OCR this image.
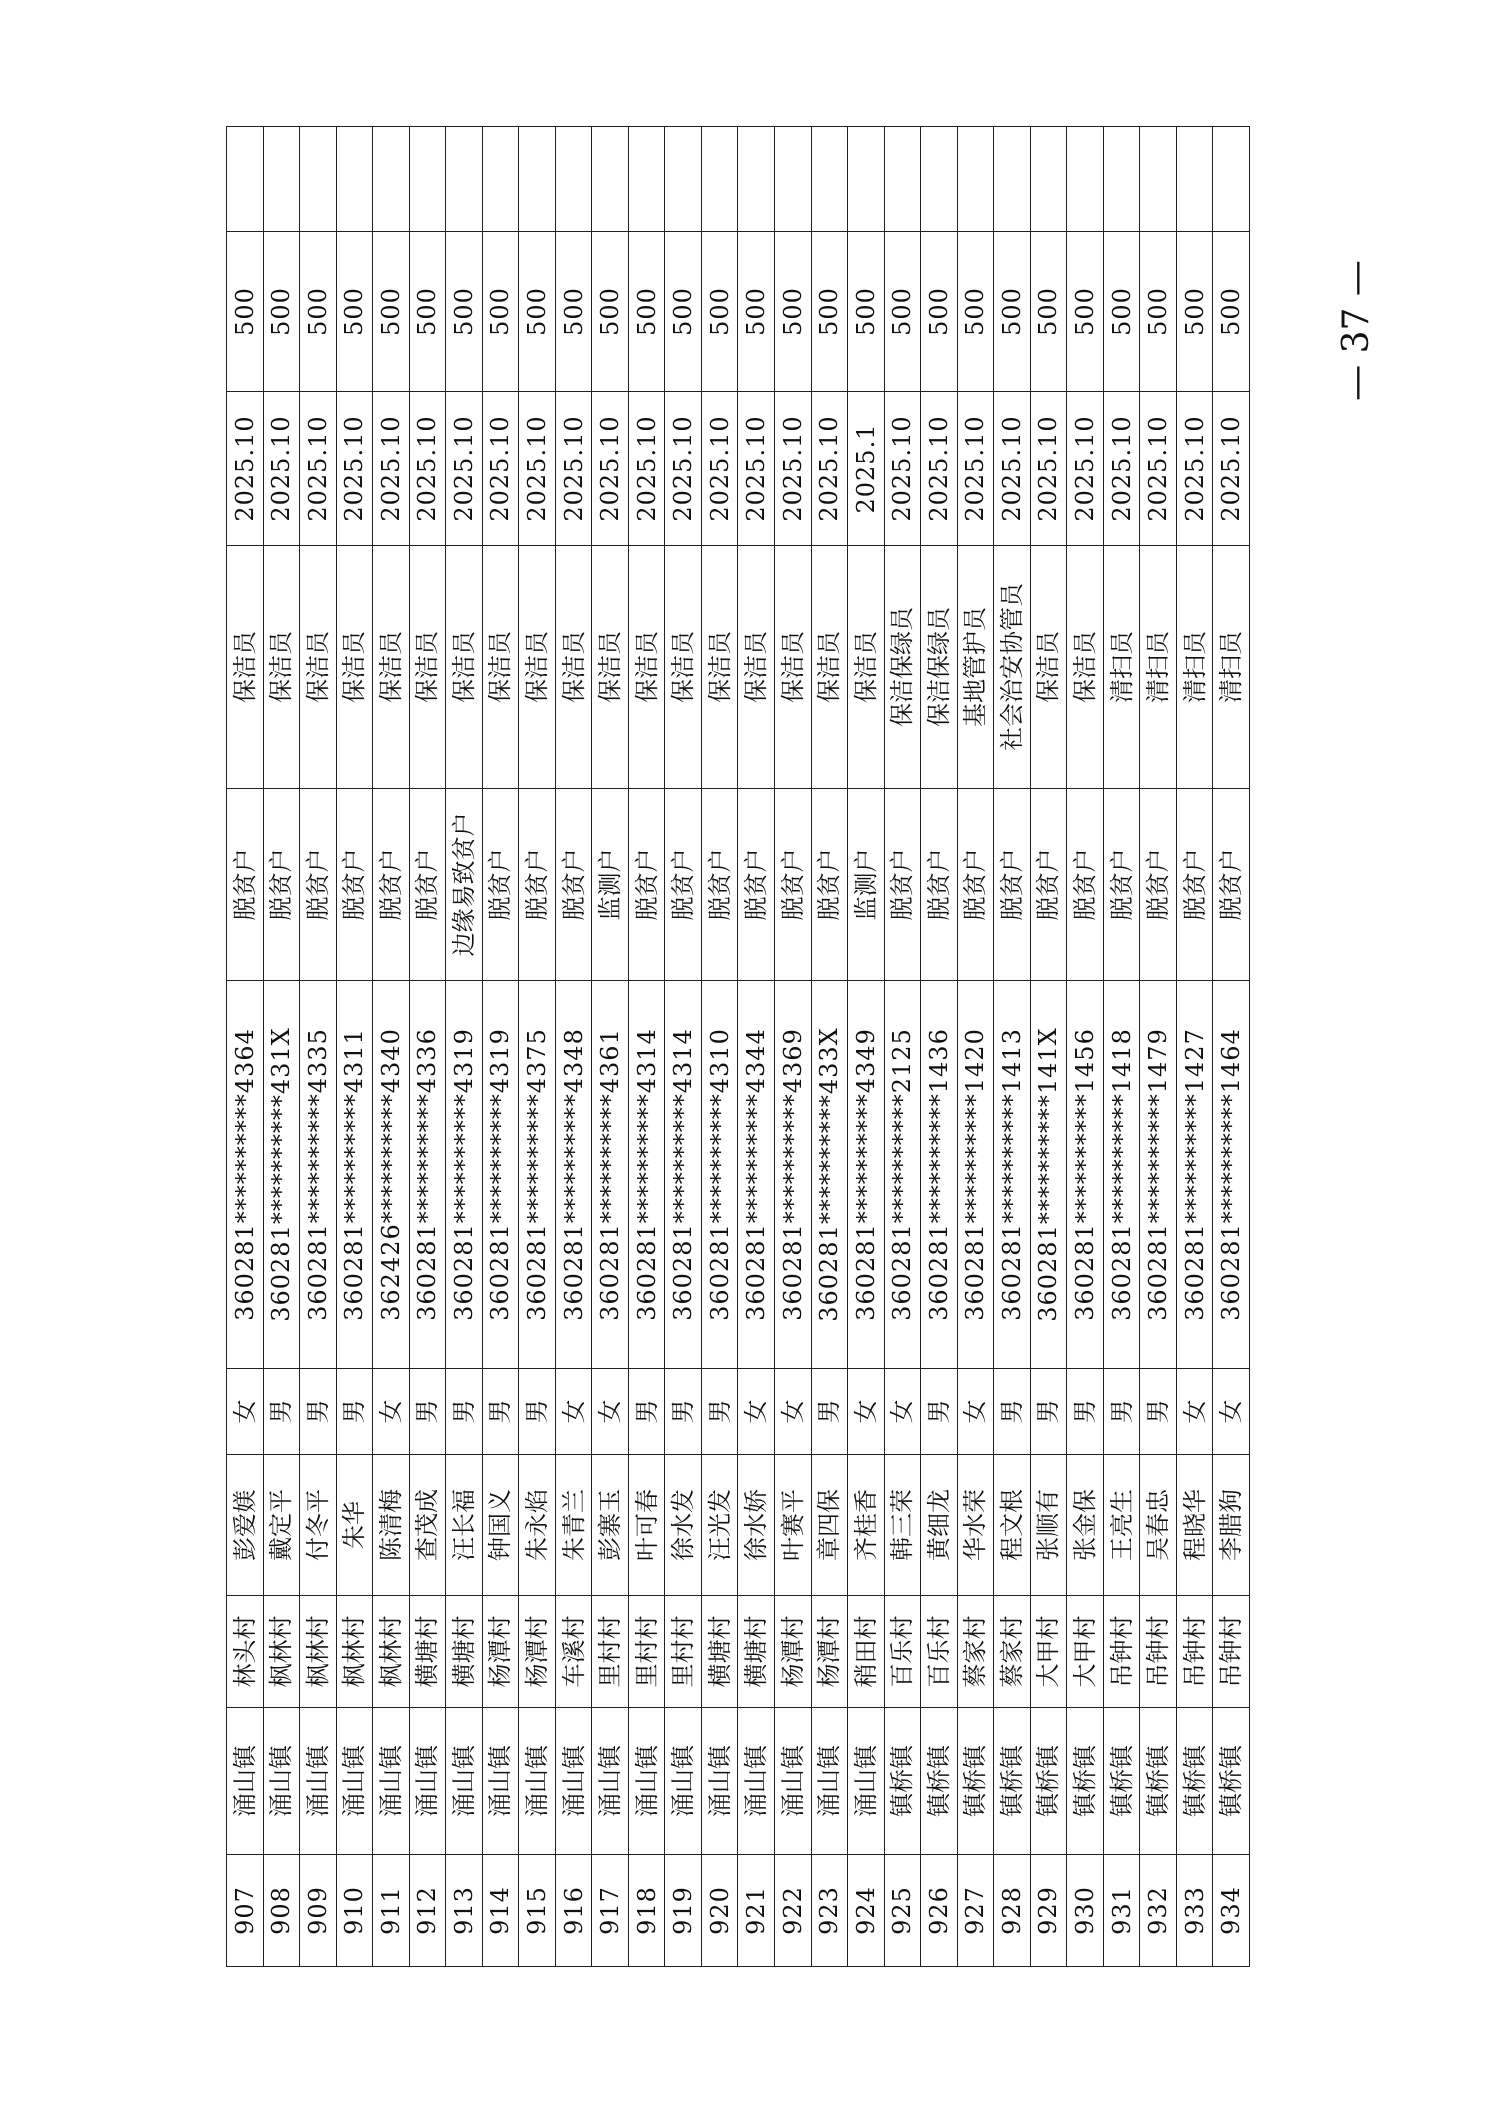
907	涌山镇	林头村	彭爱媄	女	360281**********4364	脱贫户	保洁员	2025.10	500	
908	涌山镇	枫林村	戴定平	男	360281**********431X	脱贫户	保洁员	2025.10	500	
909	涌山镇	枫林村	付冬平	男	360281**********4335	脱贫户	保洁员	2025.10	500	
910	涌山镇	枫林村	朱华	男	360281**********4311	脱贫户	保洁员	2025.10	500	
911	涌山镇	枫林村	陈清梅	女	362426**********4340	脱贫户	保洁员	2025.10	500	
912	涌山镇	横塘村	查茂成	男	360281**********4336	脱贫户	保洁员	2025.10	500	
913	涌山镇	横塘村	汪长福	男	360281**********4319	边缘易致贫户	保洁员	2025.10	500	
914	涌山镇	杨潭村	钟国义	男	360281**********4319	脱贫户	保洁员	2025.10	500	
915	涌山镇	杨潭村	朱永焰	男	360281**********4375	脱贫户	保洁员	2025.10	500	
916	涌山镇	车溪村	朱青兰	女	360281**********4348	脱贫户	保洁员	2025.10	500	
917	涌山镇	里村村	彭寨玉	女	360281**********4361	监测户	保洁员	2025.10	500	
918	涌山镇	里村村	叶可春	男	360281**********4314	脱贫户	保洁员	2025.10	500	
919	涌山镇	里村村	徐水发	男	360281**********4314	脱贫户	保洁员	2025.10	500	
920	涌山镇	横塘村	汪光发	男	360281**********4310	脱贫户	保洁员	2025.10	500	
921	涌山镇	横塘村	徐水娇	女	360281**********4344	脱贫户	保洁员	2025.10	500	
922	涌山镇	杨潭村	叶赛平	女	360281**********4369	脱贫户	保洁员	2025.10	500	
923	涌山镇	杨潭村	章四保	男	360281**********433X	脱贫户	保洁员	2025.10	500	
924	涌山镇	稍田村	齐桂香	女	360281**********4349	监测户	保洁员	2025.1	500	
925	镇桥镇	百乐村	韩三荣	女	360281**********2125	脱贫户	保洁保绿员	2025.10	500	
926	镇桥镇	百乐村	黄细龙	男	360281**********1436	脱贫户	保洁保绿员	2025.10	500	
927	镇桥镇	蔡家村	华水荣	女	360281**********1420	脱贫户	基地管护员	2025.10	500	
928	镇桥镇	蔡家村	程文根	男	360281**********1413	脱贫户	社会治安协管员	2025.10	500	
929	镇桥镇	大甲村	张顺有	男	360281**********141X	脱贫户	保洁员	2025.10	500	
930	镇桥镇	大甲村	张金保	男	360281**********1456	脱贫户	保洁员	2025.10	500	
931	镇桥镇	吊钟村	王亮生	男	360281**********1418	脱贫户	清扫员	2025.10	500	
932	镇桥镇	吊钟村	吴春忠	男	360281**********1479	脱贫户	清扫员	2025.10	500	
933	镇桥镇	吊钟村	程晓华	女	360281**********1427	脱贫户	清扫员	2025.10	500	
934	镇桥镇	吊钟村	李腊狗	女	360281**********1464	脱贫户	清扫员	2025.10	500		— 37 —
